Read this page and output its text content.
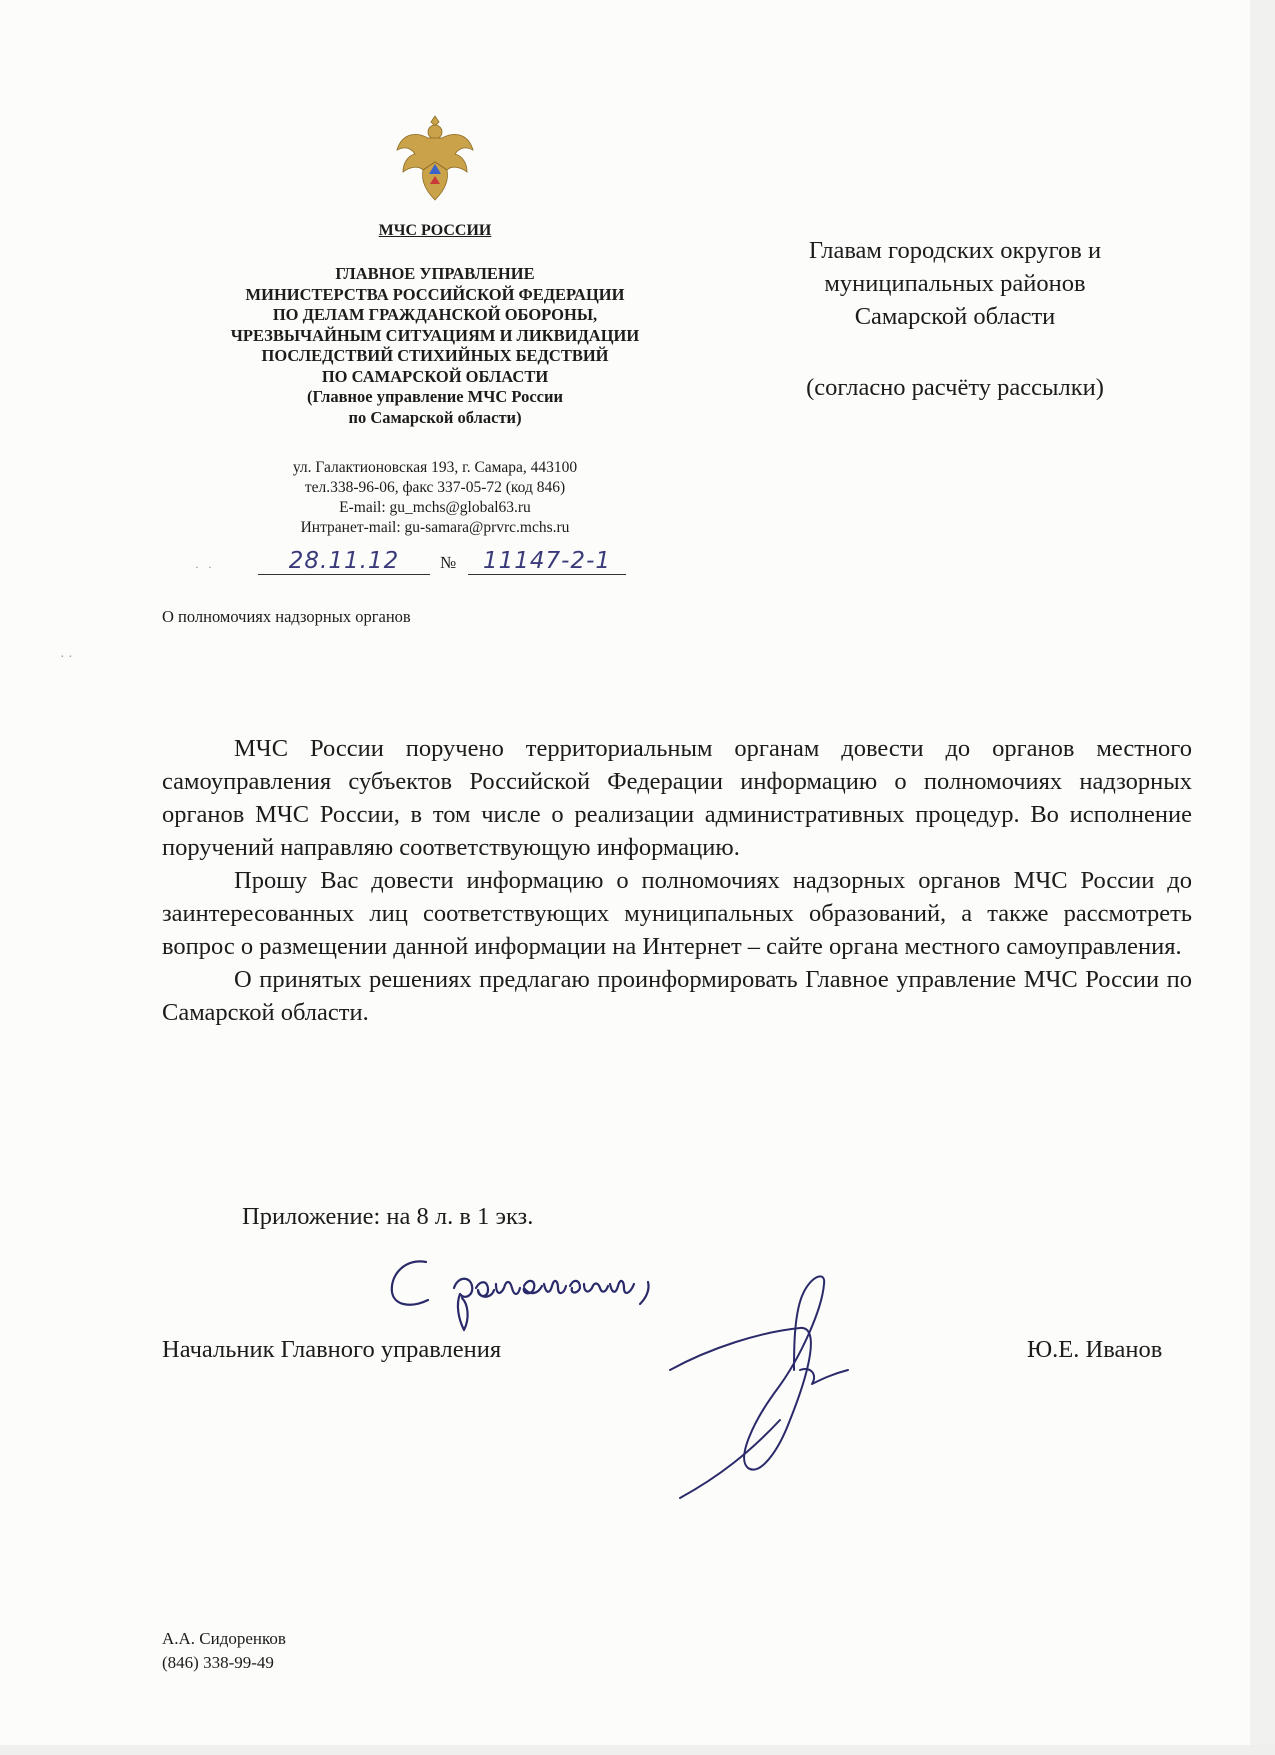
МЧС РОССИИ
ГЛАВНОЕ УПРАВЛЕНИЕ
МИНИСТЕРСТВА РОССИЙСКОЙ ФЕДЕРАЦИИ
ПО ДЕЛАМ ГРАЖДАНСКОЙ ОБОРОНЫ,
ЧРЕЗВЫЧАЙНЫМ СИТУАЦИЯМ И ЛИКВИДАЦИИ
ПОСЛЕДСТВИЙ СТИХИЙНЫХ БЕДСТВИЙ
ПО САМАРСКОЙ ОБЛАСТИ
(Главное управление МЧС России
по Самарской области)
ул. Галактионовская 193, г. Самара, 443100
тел.338-96-06, факс 337-05-72 (код 846)
E-mail: gu_mchs@global63.ru
Интранет-mail: gu-samara@prvrc.mchs.ru
· ·	28.11.12	№	11147-2-1
О полномочиях надзорных органов
· ·
Главам городских округов и
муниципальных районов
Самарской области
(согласно расчёту рассылки)

МЧС России поручено территориальным органам довести до органов местного самоуправления субъектов Российской Федерации информацию о полномочиях надзорных органов МЧС России, в том числе о реализации административных процедур. Во исполнение поручений направляю соответствующую информацию.

Прошу Вас довести информацию о полномочиях надзорных органов МЧС России до заинтересованных лиц соответствующих муниципальных образований, а также рассмотреть вопрос о размещении данной информации на Интернет – сайте органа местного самоуправления.

О принятых решениях предлагаю проинформировать Главное управление МЧС России по Самарской области.

Приложение: на 8 л. в 1 экз.
Начальник Главного управления	Ю.Е. Иванов
А.А. Сидоренков
(846) 338-99-49
